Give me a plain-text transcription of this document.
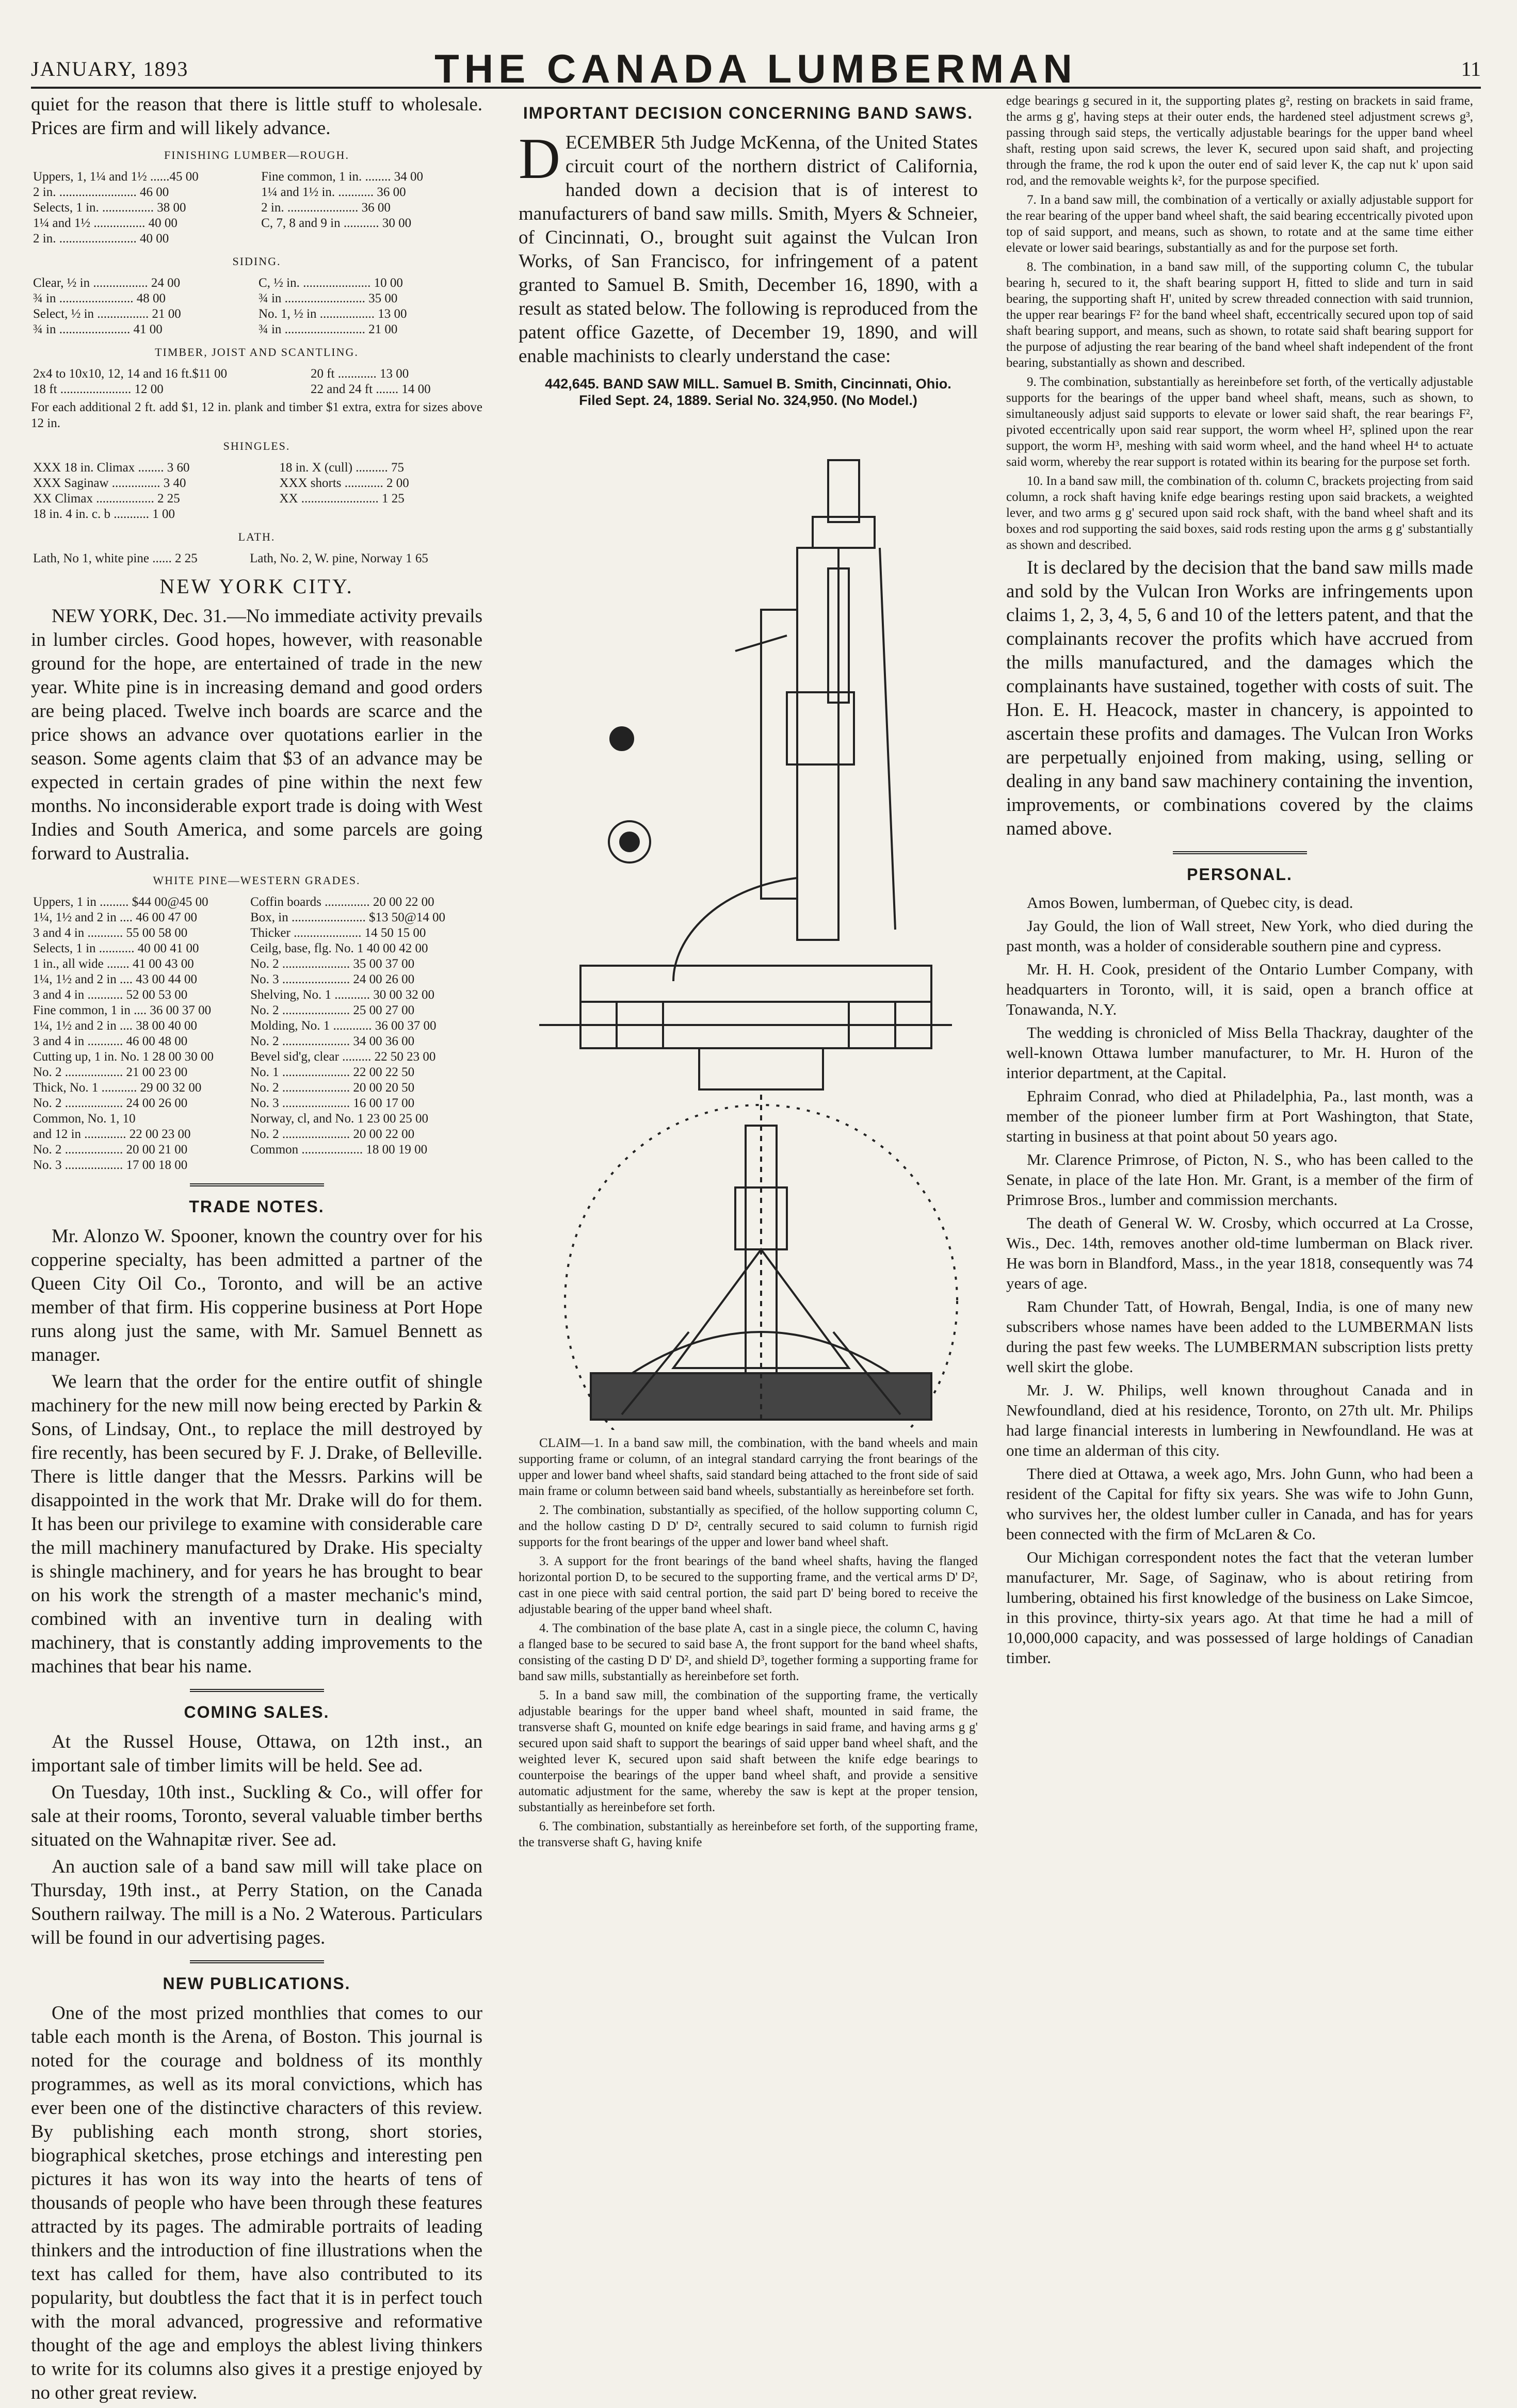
JANUARY, 1893	THE CANADA LUMBERMAN	11

quiet for the reason that there is little stuff to wholesale. Prices are firm and will likely advance.

FINISHING LUMBER—ROUGH.
Uppers, 1, 1¼ and 1½ ......45 00	Fine common, 1 in. ........ 34 00
2 in. ........................ 46 00	1¼ and 1½ in. ........... 36 00
Selects, 1 in. ................ 38 00	2 in. ...................... 36 00
1¼ and 1½ ................ 40 00	C, 7, 8 and 9 in ........... 30 00
2 in. ........................ 40 00	
SIDING.
Clear, ½ in ................. 24 00	C, ½ in. ..................... 10 00
¾ in ....................... 48 00	¾ in ......................... 35 00
Select, ½ in ................ 21 00	No. 1, ½ in ................. 13 00
¾ in ...................... 41 00	¾ in ......................... 21 00
TIMBER, JOIST AND SCANTLING.
2x4 to 10x10, 12, 14 and 16 ft.$11 00	20 ft ............ 13 00
18 ft ...................... 12 00	22 and 24 ft ....... 14 00

For each additional 2 ft. add $1, 12 in. plank and timber $1 extra, extra for sizes above 12 in.

SHINGLES.
XXX 18 in. Climax ........ 3 60	18 in. X (cull) .......... 75
XXX Saginaw ............... 3 40	XXX shorts ............ 2 00
XX Climax .................. 2 25	XX ........................ 1 25
18 in. 4 in. c. b ........... 1 00	
LATH.
Lath, No 1, white pine ...... 2 25	Lath, No. 2, W. pine, Norway 1 65
NEW YORK CITY.

NEW YORK, Dec. 31.—No immediate activity prevails in lumber circles. Good hopes, however, with reasonable ground for the hope, are entertained of trade in the new year. White pine is in increasing demand and good orders are being placed. Twelve inch boards are scarce and the price shows an advance over quotations earlier in the season. Some agents claim that $3 of an advance may be expected in certain grades of pine within the next few months. No inconsiderable export trade is doing with West Indies and South America, and some parcels are going forward to Australia.

WHITE PINE—WESTERN GRADES.
Uppers, 1 in ......... $44 00@45 00	Coffin boards .............. 20 00 22 00
1¼, 1½ and 2 in .... 46 00 47 00	Box, in ....................... $13 50@14 00
3 and 4 in ........... 55 00 58 00	Thicker ..................... 14 50 15 00
Selects, 1 in ........... 40 00 41 00	Ceilg, base, flg. No. 1 40 00 42 00
1 in., all wide ....... 41 00 43 00	No. 2 ..................... 35 00 37 00
1¼, 1½ and 2 in .... 43 00 44 00	No. 3 ..................... 24 00 26 00
3 and 4 in ........... 52 00 53 00	Shelving, No. 1 ........... 30 00 32 00
Fine common, 1 in .... 36 00 37 00	No. 2 ..................... 25 00 27 00
1¼, 1½ and 2 in .... 38 00 40 00	Molding, No. 1 ............ 36 00 37 00
3 and 4 in ........... 46 00 48 00	No. 2 ..................... 34 00 36 00
Cutting up, 1 in. No. 1 28 00 30 00	Bevel sid'g, clear ......... 22 50 23 00
No. 2 .................. 21 00 23 00	No. 1 ..................... 22 00 22 50
Thick, No. 1 ........... 29 00 32 00	No. 2 ..................... 20 00 20 50
No. 2 .................. 24 00 26 00	No. 3 ..................... 16 00 17 00
Common, No. 1, 10	Norway, cl, and No. 1 23 00 25 00
and 12 in ............. 22 00 23 00	No. 2 ..................... 20 00 22 00
No. 2 .................. 20 00 21 00	Common ................... 18 00 19 00
No. 3 .................. 17 00 18 00	
TRADE NOTES.

Mr. Alonzo W. Spooner, known the country over for his copperine specialty, has been admitted a partner of the Queen City Oil Co., Toronto, and will be an active member of that firm. His copperine business at Port Hope runs along just the same, with Mr. Samuel Bennett as manager.

We learn that the order for the entire outfit of shingle machinery for the new mill now being erected by Parkin & Sons, of Lindsay, Ont., to replace the mill destroyed by fire recently, has been secured by F. J. Drake, of Belleville. There is little danger that the Messrs. Parkins will be disappointed in the work that Mr. Drake will do for them. It has been our privilege to examine with considerable care the mill machinery manufactured by Drake. His specialty is shingle machinery, and for years he has brought to bear on his work the strength of a master mechanic's mind, combined with an inventive turn in dealing with machinery, that is constantly adding improvements to the machines that bear his name.

COMING SALES.

At the Russel House, Ottawa, on 12th inst., an important sale of timber limits will be held. See ad.

On Tuesday, 10th inst., Suckling & Co., will offer for sale at their rooms, Toronto, several valuable timber berths situated on the Wahnapitæ river. See ad.

An auction sale of a band saw mill will take place on Thursday, 19th inst., at Perry Station, on the Canada Southern railway. The mill is a No. 2 Waterous. Particulars will be found in our advertising pages.

NEW PUBLICATIONS.

One of the most prized monthlies that comes to our table each month is the Arena, of Boston. This journal is noted for the courage and boldness of its monthly programmes, as well as its moral convictions, which has ever been one of the distinctive characters of this review. By publishing each month strong, short stories, biographical sketches, prose etchings and interesting pen pictures it has won its way into the hearts of tens of thousands of people who have been through these features attracted by its pages. The admirable portraits of leading thinkers and the introduction of fine illustrations when the text has called for them, have also contributed to its popularity, but doubtless the fact that it is in perfect touch with the moral advanced, progressive and reformative thought of the age and employs the ablest living thinkers to write for its columns also gives it a prestige enjoyed by no other great review.

IMPORTANT DECISION CONCERNING BAND SAWS.

DECEMBER 5th Judge McKenna, of the United States circuit court of the northern district of California, handed down a decision that is of interest to manufacturers of band saw mills. Smith, Myers & Schneier, of Cincinnati, O., brought suit against the Vulcan Iron Works, of San Francisco, for infringement of a patent granted to Samuel B. Smith, December 16, 1890, with a result as stated below. The following is reproduced from the patent office Gazette, of December 19, 1890, and will enable machinists to clearly understand the case:

442,645. BAND SAW MILL. Samuel B. Smith, Cincinnati, Ohio.
Filed Sept. 24, 1889. Serial No. 324,950. (No Model.)

CLAIM—1. In a band saw mill, the combination, with the band wheels and main supporting frame or column, of an integral standard carrying the front bearings of the upper and lower band wheel shafts, said standard being attached to the front side of said main frame or column between said band wheels, substantially as hereinbefore set forth.

2. The combination, substantially as specified, of the hollow supporting column C, and the hollow casting D D' D², centrally secured to said column to furnish rigid supports for the front bearings of the upper and lower band wheel shaft.

3. A support for the front bearings of the band wheel shafts, having the flanged horizontal portion D, to be secured to the supporting frame, and the vertical arms D' D², cast in one piece with said central portion, the said part D' being bored to receive the adjustable bearing of the upper band wheel shaft.

4. The combination of the base plate A, cast in a single piece, the column C, having a flanged base to be secured to said base A, the front support for the band wheel shafts, consisting of the casting D D' D², and shield D³, together forming a supporting frame for band saw mills, substantially as hereinbefore set forth.

5. In a band saw mill, the combination of the supporting frame, the vertically adjustable bearings for the upper band wheel shaft, mounted in said frame, the transverse shaft G, mounted on knife edge bearings in said frame, and having arms g g' secured upon said shaft to support the bearings of said upper band wheel shaft, and the weighted lever K, secured upon said shaft between the knife edge bearings to counterpoise the bearings of the upper band wheel shaft, and provide a sensitive automatic adjustment for the same, whereby the saw is kept at the proper tension, substantially as hereinbefore set forth.

6. The combination, substantially as hereinbefore set forth, of the supporting frame, the transverse shaft G, having knife

edge bearings g secured in it, the supporting plates g², resting on brackets in said frame, the arms g g', having steps at their outer ends, the hardened steel adjustment screws g³, passing through said steps, the vertically adjustable bearings for the upper band wheel shaft, resting upon said screws, the lever K, secured upon said shaft, and projecting through the frame, the rod k upon the outer end of said lever K, the cap nut k' upon said rod, and the removable weights k², for the purpose specified.

7. In a band saw mill, the combination of a vertically or axially adjustable support for the rear bearing of the upper band wheel shaft, the said bearing eccentrically pivoted upon top of said support, and means, such as shown, to rotate and at the same time either elevate or lower said bearings, substantially as and for the purpose set forth.

8. The combination, in a band saw mill, of the supporting column C, the tubular bearing h, secured to it, the shaft bearing support H, fitted to slide and turn in said bearing, the supporting shaft H', united by screw threaded connection with said trunnion, the upper rear bearings F² for the band wheel shaft, eccentrically secured upon top of said shaft bearing support, and means, such as shown, to rotate said shaft bearing support for the purpose of adjusting the rear bearing of the band wheel shaft independent of the front bearing, substantially as shown and described.

9. The combination, substantially as hereinbefore set forth, of the vertically adjustable supports for the bearings of the upper band wheel shaft, means, such as shown, to simultaneously adjust said supports to elevate or lower said shaft, the rear bearings F², pivoted eccentrically upon said rear support, the worm wheel H², splined upon the rear support, the worm H³, meshing with said worm wheel, and the hand wheel H⁴ to actuate said worm, whereby the rear support is rotated within its bearing for the purpose set forth.

10. In a band saw mill, the combination of th. column C, brackets projecting from said column, a rock shaft having knife edge bearings resting upon said brackets, a weighted lever, and two arms g g' secured upon said rock shaft, with the band wheel shaft and its boxes and rod supporting the said boxes, said rods resting upon the arms g g' substantially as shown and described.

It is declared by the decision that the band saw mills made and sold by the Vulcan Iron Works are infringements upon claims 1, 2, 3, 4, 5, 6 and 10 of the letters patent, and that the complainants recover the profits which have accrued from the mills manufactured, and the damages which the complainants have sustained, together with costs of suit. The Hon. E. H. Heacock, master in chancery, is appointed to ascertain these profits and damages. The Vulcan Iron Works are perpetually enjoined from making, using, selling or dealing in any band saw machinery containing the invention, improvements, or combinations covered by the claims named above.

PERSONAL.

Amos Bowen, lumberman, of Quebec city, is dead.

Jay Gould, the lion of Wall street, New York, who died during the past month, was a holder of considerable southern pine and cypress.

Mr. H. H. Cook, president of the Ontario Lumber Company, with headquarters in Toronto, will, it is said, open a branch office at Tonawanda, N.Y.

The wedding is chronicled of Miss Bella Thackray, daughter of the well-known Ottawa lumber manufacturer, to Mr. H. Huron of the interior department, at the Capital.

Ephraim Conrad, who died at Philadelphia, Pa., last month, was a member of the pioneer lumber firm at Port Washington, that State, starting in business at that point about 50 years ago.

Mr. Clarence Primrose, of Picton, N. S., who has been called to the Senate, in place of the late Hon. Mr. Grant, is a member of the firm of Primrose Bros., lumber and commission merchants.

The death of General W. W. Crosby, which occurred at La Crosse, Wis., Dec. 14th, removes another old-time lumberman on Black river. He was born in Blandford, Mass., in the year 1818, consequently was 74 years of age.

Ram Chunder Tatt, of Howrah, Bengal, India, is one of many new subscribers whose names have been added to the LUMBERMAN lists during the past few weeks. The LUMBERMAN subscription lists pretty well skirt the globe.

Mr. J. W. Philips, well known throughout Canada and in Newfoundland, died at his residence, Toronto, on 27th ult. Mr. Philips had large financial interests in lumbering in Newfoundland. He was at one time an alderman of this city.

There died at Ottawa, a week ago, Mrs. John Gunn, who had been a resident of the Capital for fifty six years. She was wife to John Gunn, who survives her, the oldest lumber culler in Canada, and has for years been connected with the firm of McLaren & Co.

Our Michigan correspondent notes the fact that the veteran lumber manufacturer, Mr. Sage, of Saginaw, who is about retiring from lumbering, obtained his first knowledge of the business on Lake Simcoe, in this province, thirty-six years ago. At that time he had a mill of 10,000,000 capacity, and was possessed of large holdings of Canadian timber.
